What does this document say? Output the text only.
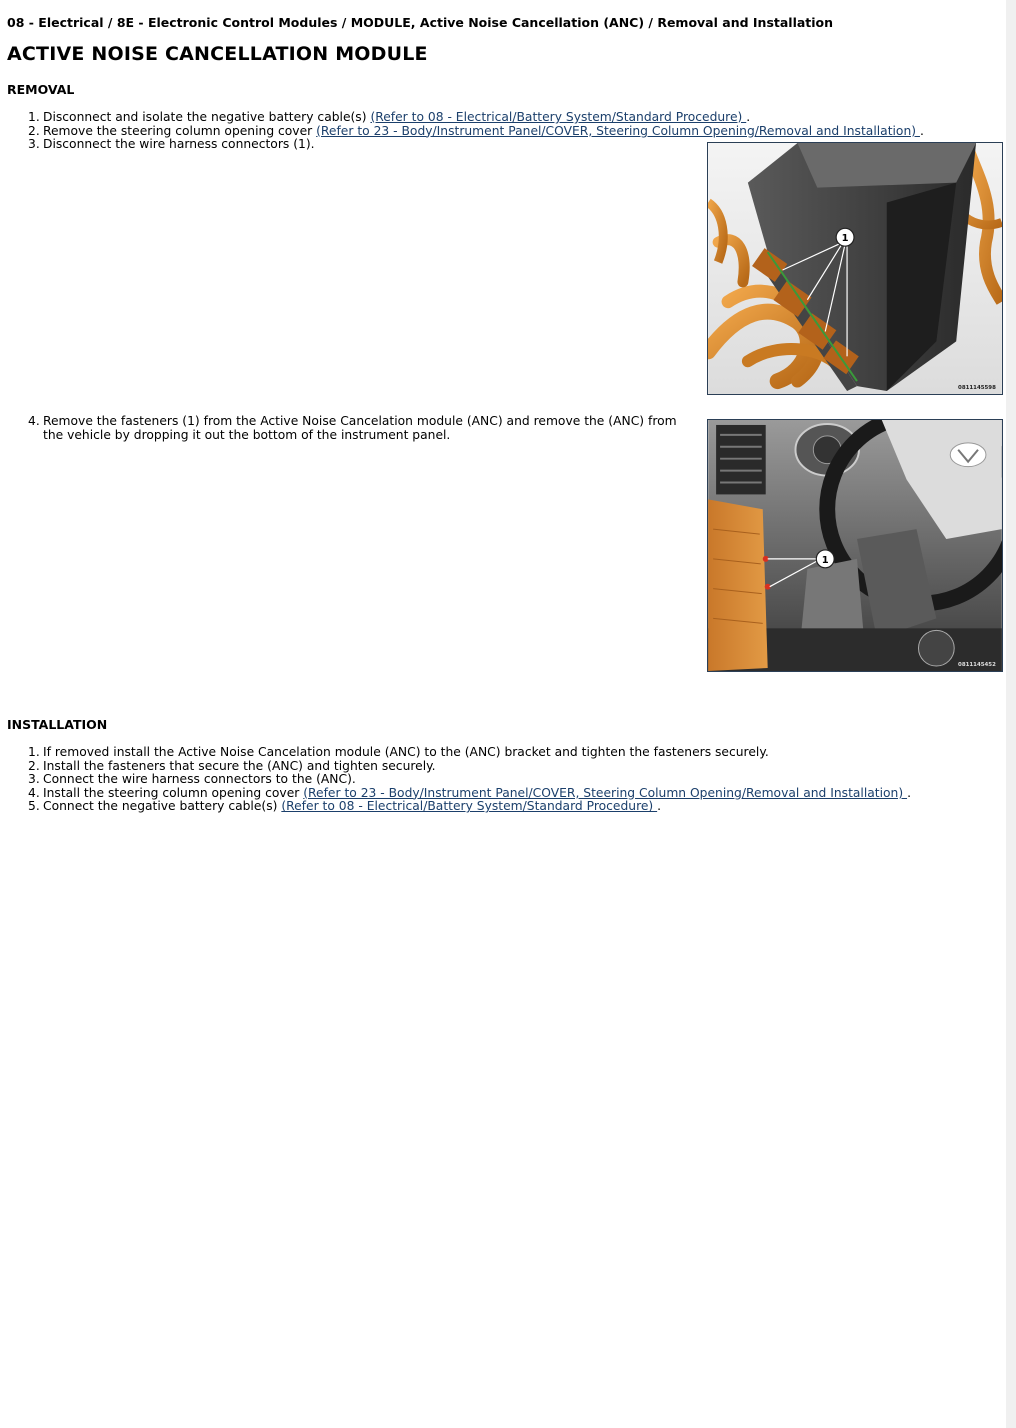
08 - Electrical / 8E - Electronic Control Modules / MODULE, Active Noise Cancellation (ANC) / Removal and Installation
ACTIVE NOISE CANCELLATION MODULE
REMOVAL
1. Disconnect and isolate the negative battery cable(s) (Refer to 08 - Electrical/Battery System/Standard Procedure) .
2. Remove the steering column opening cover (Refer to 23 - Body/Instrument Panel/COVER, Steering Column Opening/Removal and Installation) .
3. Disconnect the wire harness connectors (1).
4. Remove the fasteners (1) from the Active Noise Cancelation module (ANC) and remove the (ANC) from the vehicle by dropping it out the bottom of the instrument panel.
1
0811145598
1
0811145452
INSTALLATION
1. If removed install the Active Noise Cancelation module (ANC) to the (ANC) bracket and tighten the fasteners securely.
2. Install the fasteners that secure the (ANC) and tighten securely.
3. Connect the wire harness connectors to the (ANC).
4. Install the steering column opening cover (Refer to 23 - Body/Instrument Panel/COVER, Steering Column Opening/Removal and Installation) .
5. Connect the negative battery cable(s) (Refer to 08 - Electrical/Battery System/Standard Procedure) .
